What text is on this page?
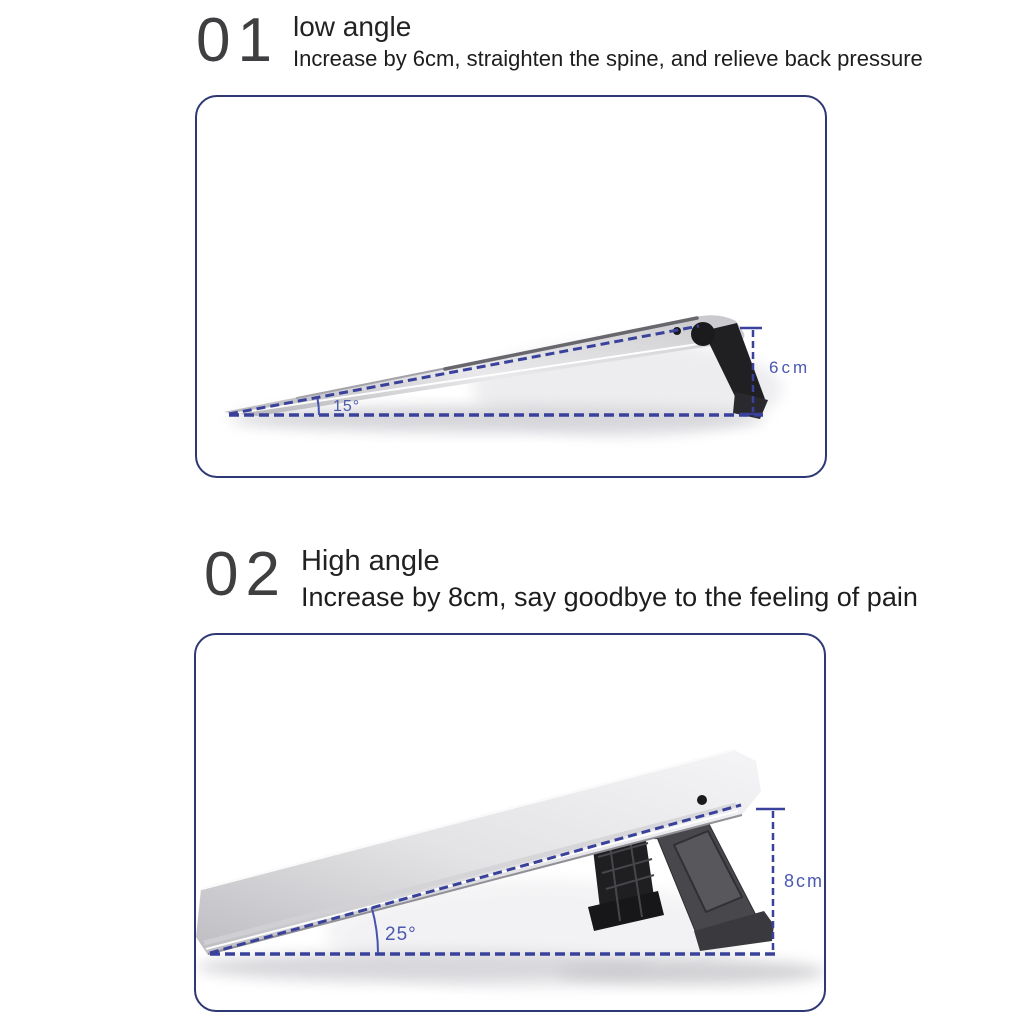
01 low angle
Increase by 6cm, straighten the spine, and relieve back pressure
15°
6cm
02 High angle
Increase by 8cm, say goodbye to the feeling of pain
25°
8cm
